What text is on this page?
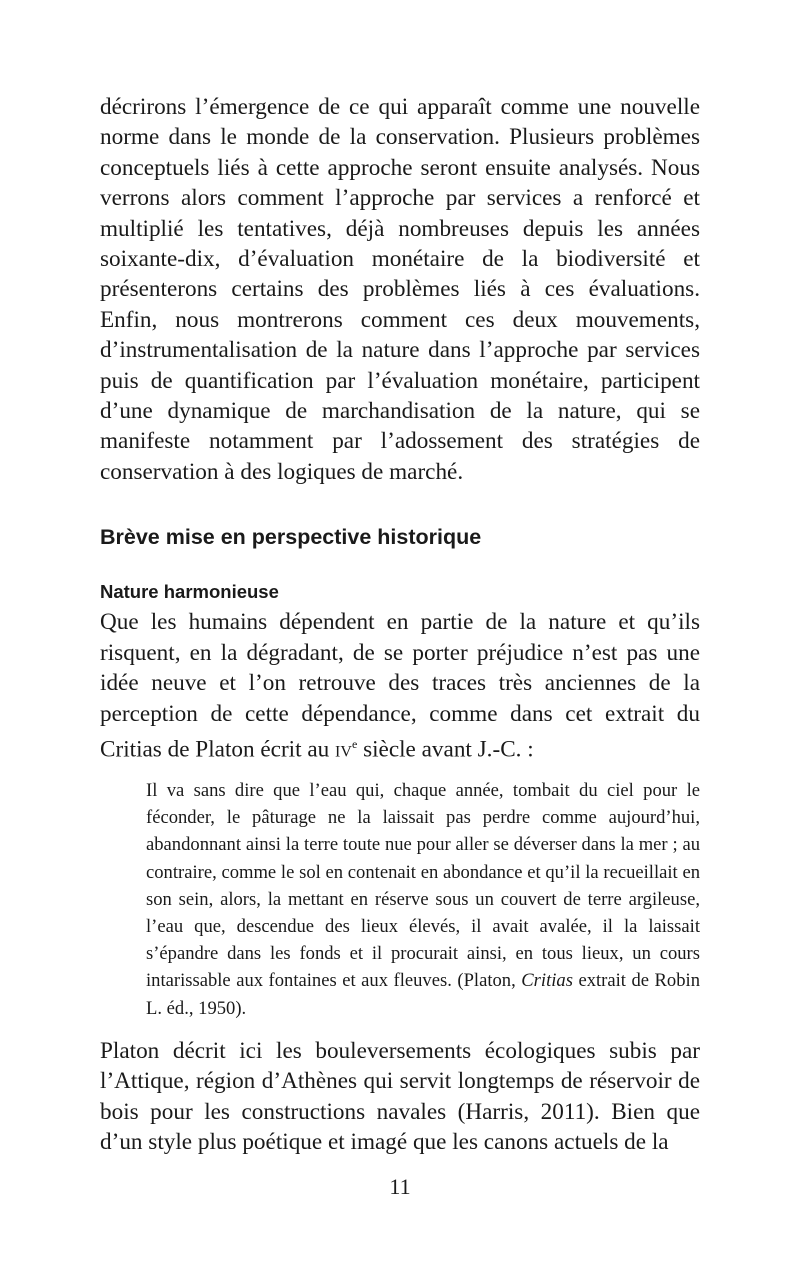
décrirons l’émergence de ce qui apparaît comme une nouvelle norme dans le monde de la conservation. Plusieurs problèmes conceptuels liés à cette approche seront ensuite analysés. Nous verrons alors comment l’approche par services a renforcé et multiplié les tentatives, déjà nombreuses depuis les années soixante-dix, d’évaluation monétaire de la biodiversité et présenterons certains des problèmes liés à ces évaluations. Enfin, nous montrerons comment ces deux mouvements, d’instrumentalisation de la nature dans l’approche par services puis de quantification par l’évaluation monétaire, participent d’une dynamique de marchandisation de la nature, qui se manifeste notamment par l’adossement des stratégies de conservation à des logiques de marché.

Brève mise en perspective historique
Nature harmonieuse

Que les humains dépendent en partie de la nature et qu’ils risquent, en la dégradant, de se porter préjudice n’est pas une idée neuve et l’on retrouve des traces très anciennes de la perception de cette dépendance, comme dans cet extrait du Critias de Platon écrit au $iv^e$ siècle avant J.-C. :

Il va sans dire que l’eau qui, chaque année, tombait du ciel pour le féconder, le pâturage ne la laissait pas perdre comme aujourd’hui, abandonnant ainsi la terre toute nue pour aller se déverser dans la mer ; au contraire, comme le sol en contenait en abondance et qu’il la recueillait en son sein, alors, la mettant en réserve sous un couvert de terre argileuse, l’eau que, descendue des lieux élevés, il avait avalée, il la laissait s’épandre dans les fonds et il procurait ainsi, en tous lieux, un cours intarissable aux fontaines et aux fleuves. (Platon, Critias extrait de Robin L. éd., 1950).

Platon décrit ici les bouleversements écologiques subis par l’Attique, région d’Athènes qui servit longtemps de réservoir de bois pour les constructions navales (Harris, 2011). Bien que d’un style plus poétique et imagé que les canons actuels de la

11
